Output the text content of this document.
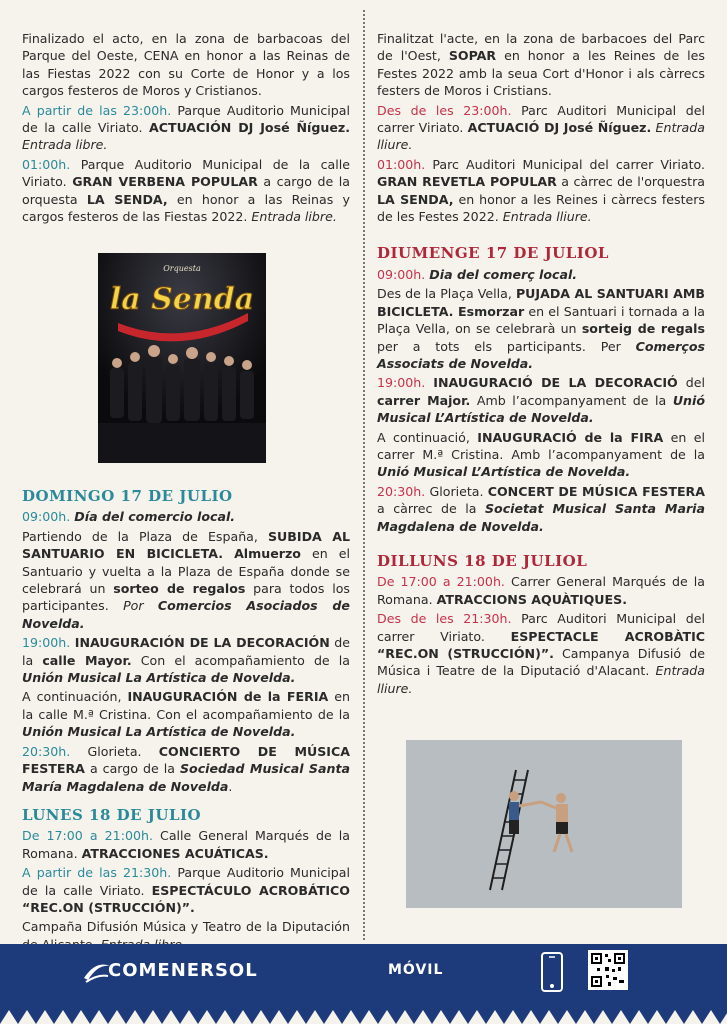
Finalizado el acto, en la zona de barbacoas del Parque del Oeste, CENA en honor a las Reinas de las Fiestas 2022 con su Corte de Honor y a los cargos festeros de Moros y Cristianos.

A partir de las 23:00h. Parque Auditorio Municipal de la calle Viriato. ACTUACIÓN DJ José Ñíguez. Entrada libre.

01:00h. Parque Auditorio Municipal de la calle Viriato. GRAN VERBENA POPULAR a cargo de la orquesta LA SENDA, en honor a las Reinas y cargos festeros de las Fiestas 2022. Entrada libre.

Orquesta
la Senda
DOMINGO 17 DE JULIO

09:00h. Día del comercio local.

Partiendo de la Plaza de España, SUBIDA AL SANTUARIO EN BICICLETA. Almuerzo en el Santuario y vuelta a la Plaza de España donde se celebrará un sorteo de regalos para todos los participantes. Por Comercios Asociados de Novelda.

19:00h. INAUGURACIÓN DE LA DECORACIÓN de la calle Mayor. Con el acompañamiento de la Unión Musical La Artística de Novelda.

A continuación, INAUGURACIÓN de la FERIA en la calle M.ª Cristina. Con el acompañamiento de la Unión Musical La Artística de Novelda.

20:30h. Glorieta. CONCIERTO DE MÚSICA FESTERA a cargo de la Sociedad Musical Santa María Magdalena de Novelda.

LUNES 18 DE JULIO

De 17:00 a 21:00h. Calle General Marqués de la Romana. ATRACCIONES ACUÁTICAS.

A partir de las 21:30h. Parque Auditorio Municipal de la calle Viriato. ESPECTÁCULO ACROBÁTICO “REC.ON (STRUCCIÓN)”.

Campaña Difusión Música y Teatro de la Diputación

Finalitzat l'acte, en la zona de barbacoes del Parc de l'Oest, SOPAR en honor a les Reines de les Festes 2022 amb la seua Cort d'Honor i als càrrecs festers de Moros i Cristians.

Des de les 23:00h. Parc Auditori Municipal del carrer Viriato. ACTUACIÓ DJ José Ñíguez. Entrada lliure.

01:00h. Parc Auditori Municipal del carrer Viriato. GRAN REVETLA POPULAR a càrrec de l'orquestra LA SENDA, en honor a les Reines i càrrecs festers de les Festes 2022. Entrada lliure.

DIUMENGE 17 DE JULIOL

09:00h. Dia del comerç local.

Des de la Plaça Vella, PUJADA AL SANTUARI AMB BICICLETA. Esmorzar en el Santuari i tornada a la Plaça Vella, on se celebrarà un sorteig de regals per a tots els participants. Per Comerços Associats de Novelda.

19:00h. INAUGURACIÓ DE LA DECORACIÓ del carrer Major. Amb l’acompanyament de la Unió Musical L’Artística de Novelda.

A continuació, INAUGURACIÓ de la FIRA en el carrer M.ª Cristina. Amb l’acompanyament de la Unió Musical L’Artística de Novelda.

20:30h. Glorieta. CONCERT DE MÚSICA FESTERA a càrrec de la Societat Musical Santa Maria Magdalena de Novelda.

DILLUNS 18 DE JULIOL

De 17:00 a 21:00h. Carrer General Marqués de la Romana. ATRACCIONS AQUÀTIQUES.

Des de les 21:30h. Parc Auditori Municipal del carrer Viriato. ESPECTACLE ACROBÀTIC “REC.ON (STRUCCIÓN)”. Campanya Difusió de Música i Teatre de la Diputació d'Alacant. Entrada lliure.

COMENERSOL	MÓVIL
